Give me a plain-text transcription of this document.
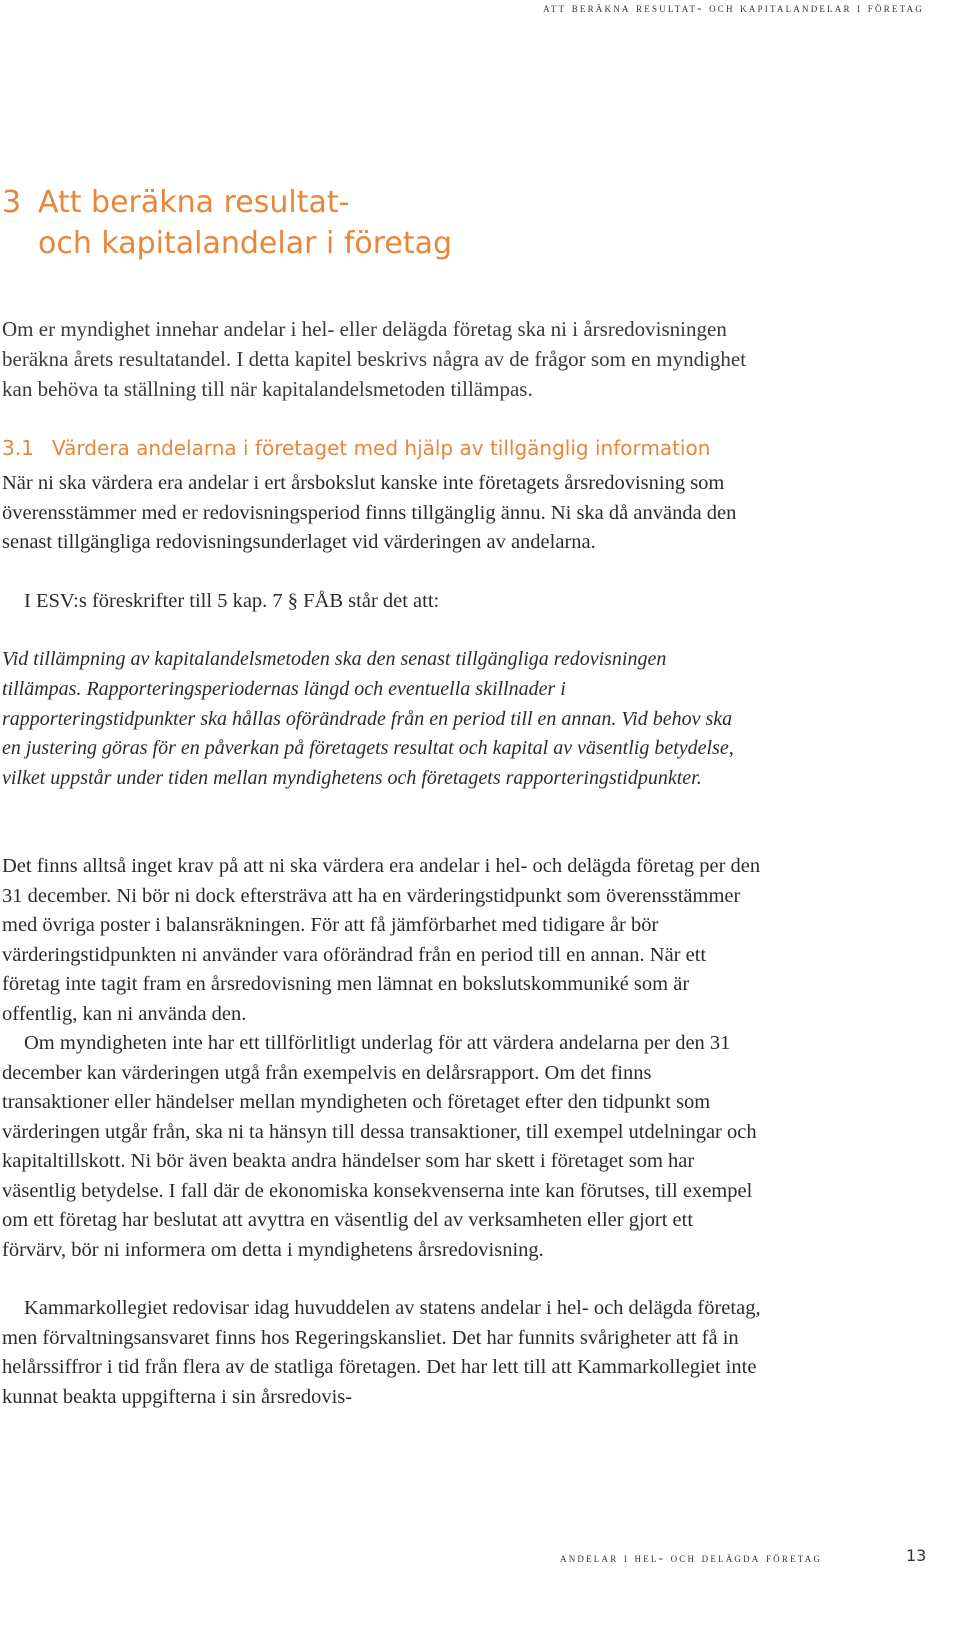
att beräkna resultat- och kapitalandelar i företag
3 Att beräkna resultat-
och kapitalandelar i företag

Om er myndighet innehar andelar i hel- eller delägda företag ska ni i årsredovisningen beräkna årets resultatandel. I detta kapitel beskrivs några av de frågor som en myndighet kan behöva ta ställning till när kapitalandelsmetoden tillämpas.

3.1 Värdera andelarna i företaget med hjälp av tillgänglig information

När ni ska värdera era andelar i ert årsbokslut kanske inte företagets årsredovisning som överensstämmer med er redovisningsperiod finns tillgänglig ännu. Ni ska då använda den senast tillgängliga redovisningsunderlaget vid värderingen av andelarna.

I ESV:s föreskrifter till 5 kap. 7 § FÅB står det att:

Vid tillämpning av kapitalandelsmetoden ska den senast tillgängliga redovisningen tillämpas. Rapporteringsperiodernas längd och eventuella skillnader i rapporteringstidpunkter ska hållas oförändrade från en period till en annan. Vid behov ska en justering göras för en påverkan på företagets resultat och kapital av väsentlig betydelse, vilket uppstår under tiden mellan myndighetens och företagets rapporteringstidpunkter.

Det finns alltså inget krav på att ni ska värdera era andelar i hel- och delägda företag per den 31 december. Ni bör ni dock eftersträva att ha en värderingstidpunkt som överensstämmer med övriga poster i balansräkningen. För att få jämförbarhet med tidigare år bör värderingstidpunkten ni använder vara oförändrad från en period till en annan. När ett företag inte tagit fram en årsredovisning men lämnat en bokslutskommuniké som är offentlig, kan ni använda den.

Om myndigheten inte har ett tillförlitligt underlag för att värdera andelarna per den 31 december kan värderingen utgå från exempelvis en delårsrapport. Om det finns transaktioner eller händelser mellan myndigheten och företaget efter den tidpunkt som värderingen utgår från, ska ni ta hänsyn till dessa transaktioner, till exempel utdelningar och kapitaltillskott. Ni bör även beakta andra händelser som har skett i företaget som har väsentlig betydelse. I fall där de ekonomiska konsekvenserna inte kan förutses, till exempel om ett företag har beslutat att avyttra en väsentlig del av verksamheten eller gjort ett förvärv, bör ni informera om detta i myndighetens årsredovisning.

Kammarkollegiet redovisar idag huvuddelen av statens andelar i hel- och delägda företag, men förvaltningsansvaret finns hos Regeringskansliet. Det har funnits svårigheter att få in helårssiffror i tid från flera av de statliga företagen. Det har lett till att Kammarkollegiet inte kunnat beakta uppgifterna i sin årsredovis-

andelar i hel- och delägda företag	13
